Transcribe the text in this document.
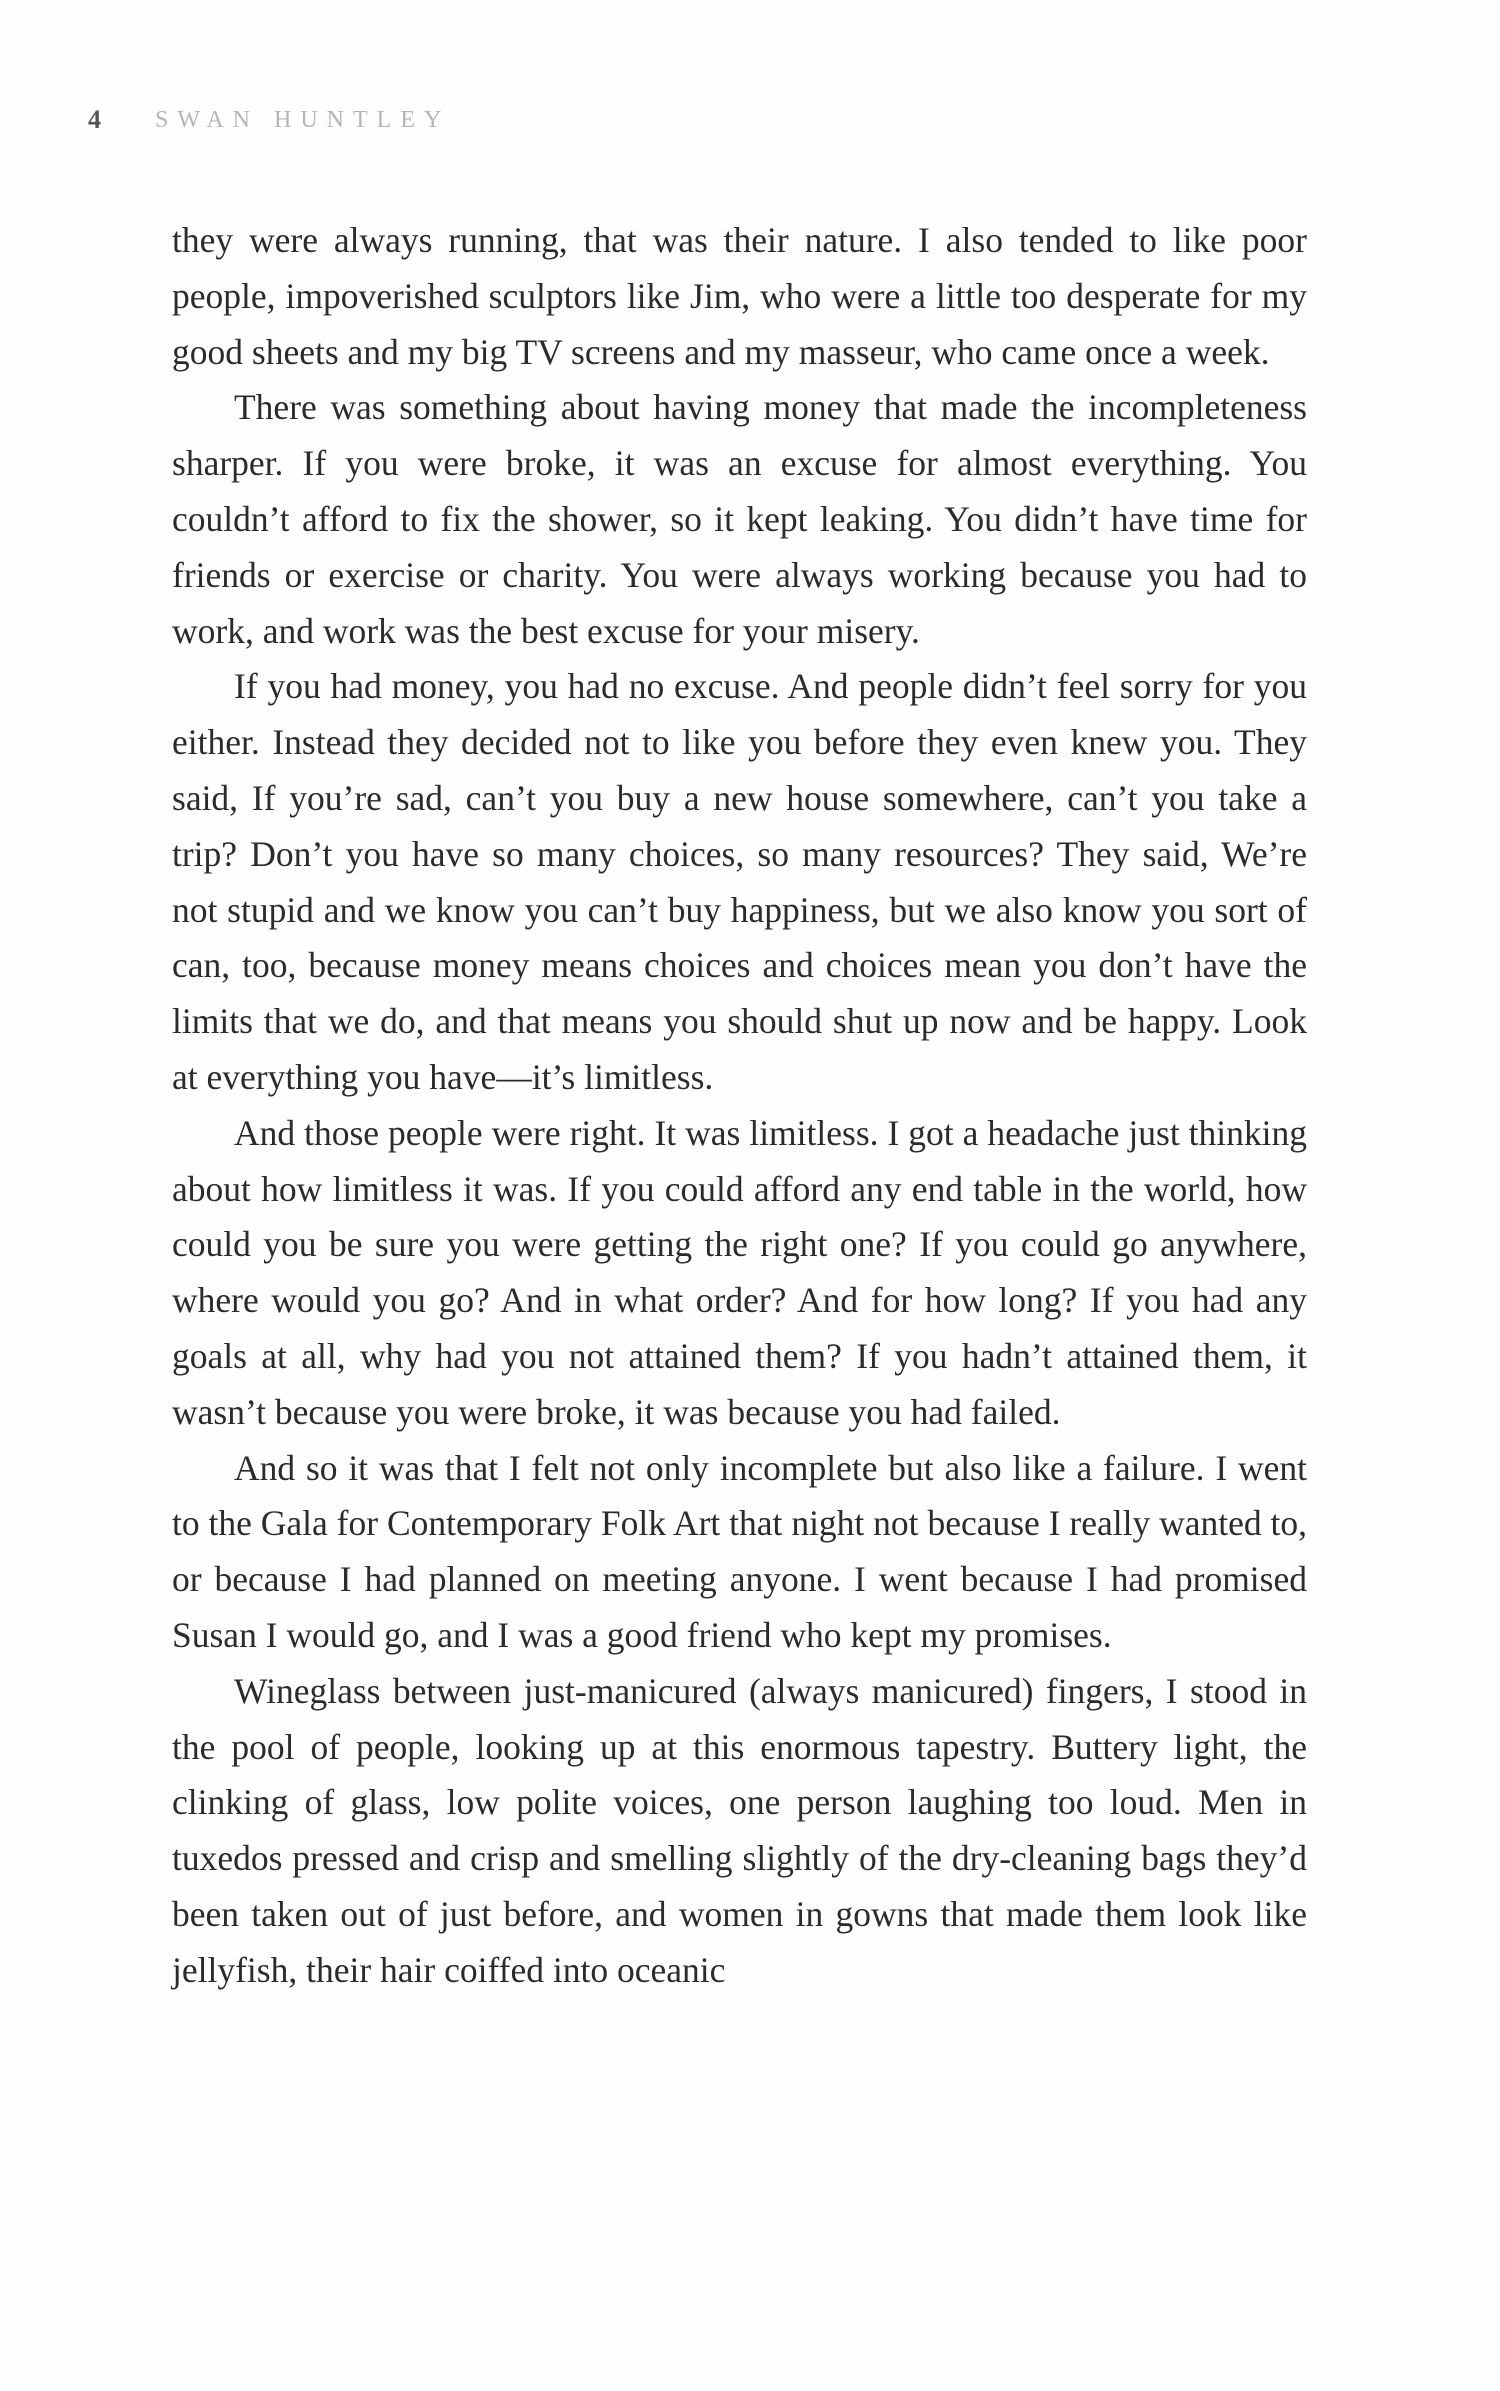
4 SWAN HUNTLEY

they were always running, that was their nature. I also tended to like poor people, impoverished sculptors like Jim, who were a little too desperate for my good sheets and my big TV screens and my masseur, who came once a week.

There was something about having money that made the incompleteness sharper. If you were broke, it was an excuse for almost everything. You couldn’t afford to fix the shower, so it kept leaking. You didn’t have time for friends or exercise or charity. You were always working because you had to work, and work was the best excuse for your misery.

If you had money, you had no excuse. And people didn’t feel sorry for you either. Instead they decided not to like you before they even knew you. They said, If you’re sad, can’t you buy a new house somewhere, can’t you take a trip? Don’t you have so many choices, so many resources? They said, We’re not stupid and we know you can’t buy happiness, but we also know you sort of can, too, because money means choices and choices mean you don’t have the limits that we do, and that means you should shut up now and be happy. Look at everything you have—it’s limitless.

And those people were right. It was limitless. I got a headache just thinking about how limitless it was. If you could afford any end table in the world, how could you be sure you were getting the right one? If you could go anywhere, where would you go? And in what order? And for how long? If you had any goals at all, why had you not attained them? If you hadn’t attained them, it wasn’t because you were broke, it was because you had failed.

And so it was that I felt not only incomplete but also like a failure. I went to the Gala for Contemporary Folk Art that night not because I really wanted to, or because I had planned on meeting anyone. I went because I had promised Susan I would go, and I was a good friend who kept my promises.

Wineglass between just-manicured (always manicured) fingers, I stood in the pool of people, looking up at this enormous tapestry. Buttery light, the clinking of glass, low polite voices, one person laughing too loud. Men in tuxedos pressed and crisp and smelling slightly of the dry-cleaning bags they’d been taken out of just before, and women in gowns that made them look like jellyfish, their hair coiffed into oceanic
